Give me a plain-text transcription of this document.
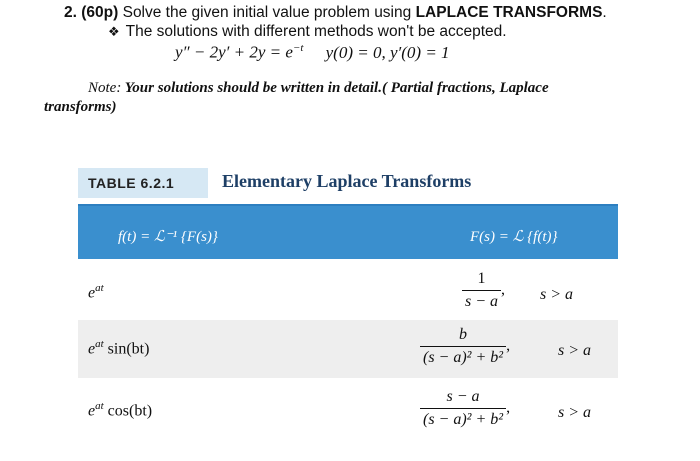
2. (60p) Solve the given initial value problem using LAPLACE TRANSFORMS.
❖ The solutions with different methods won't be accepted.
$y'' - 2y' + 2y = e^{-t}$ y(0) = 0, y′(0) = 1
Note: Your solutions should be written in detail.( Partial fractions, Laplace
transforms)
TABLE 6.2.1	Elementary Laplace Transforms
f(t) = ℒ⁻¹ {F(s)}	F(s) = ℒ {f(t)}
$e^{at}$	$\frac{1}{s - a}$ , s > a
$e^{at}$ sin(bt)	$\frac{b}{\text{(s − a)² + b²}}$ ,	s > a
$e^{at}$ cos(bt)	$\frac{s - a}{\text{(s − a)² + b²}}$ ,	s > a
